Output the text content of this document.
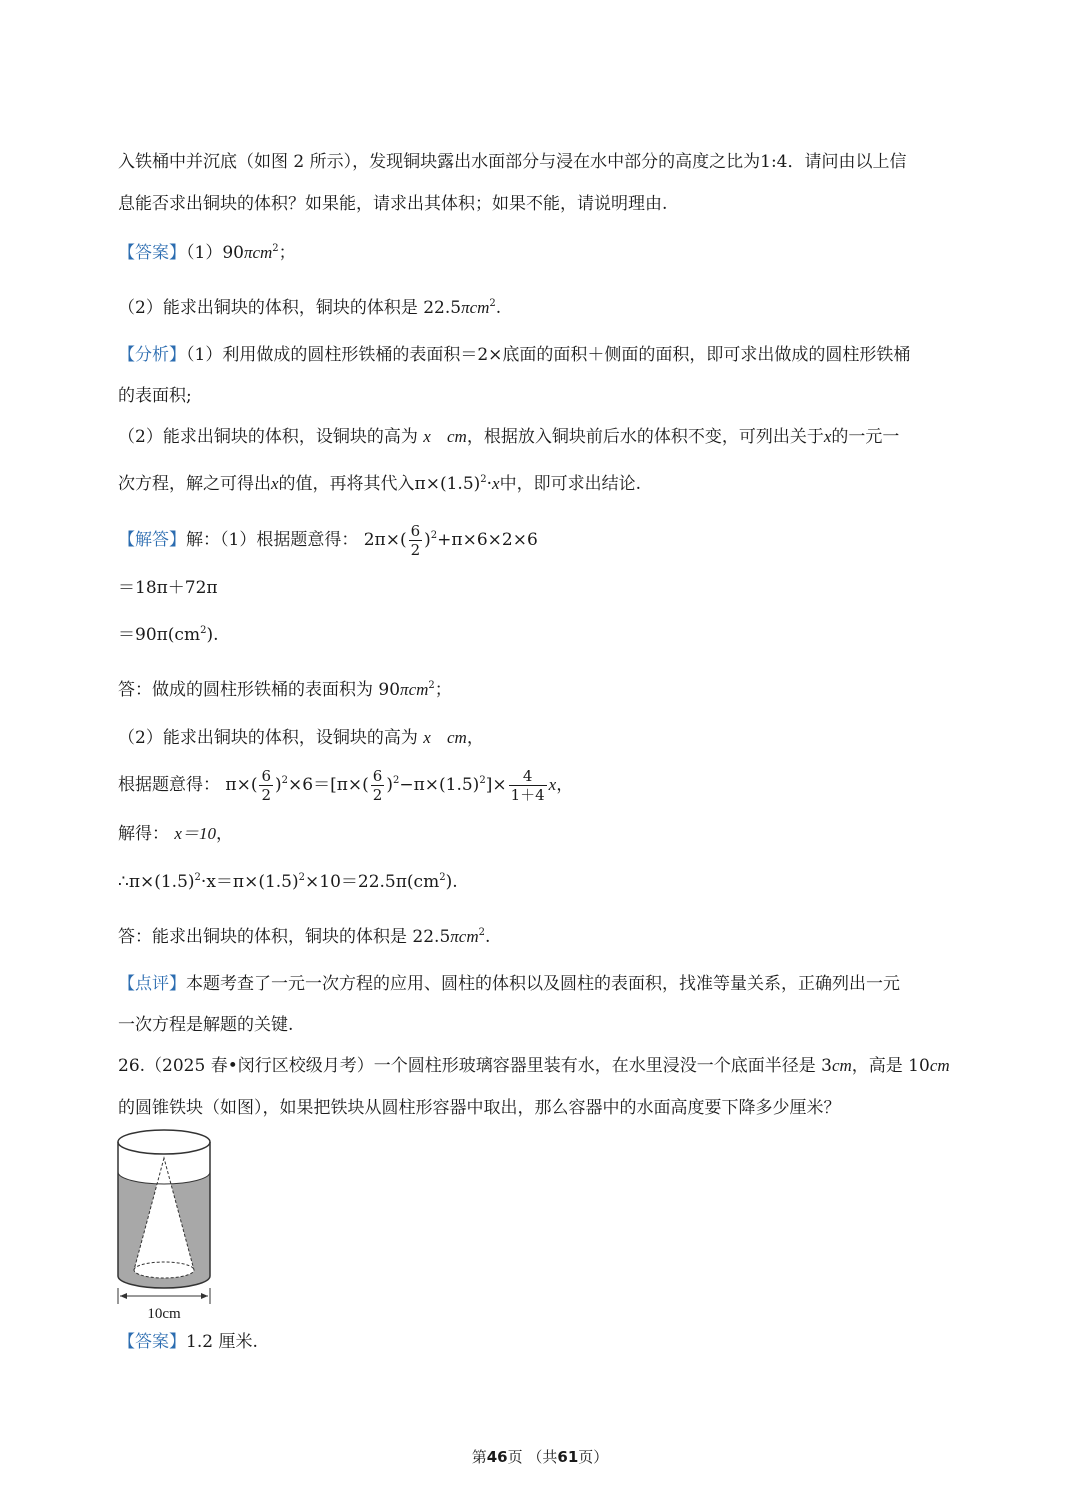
入铁桶中并沉底（如图 2 所示），发现铜块露出水面部分与浸在水中部分的高度之比为1:4．请问由以上信
息能否求出铜块的体积？如果能，请求出其体积；如果不能，请说明理由.
【答案】（1）90πcm$^2$；
（2）能求出铜块的体积，铜块的体积是 22.5πcm$^2$.
【分析】（1）利用做成的圆柱形铁桶的表面积＝2×底面的面积＋侧面的面积，即可求出做成的圆柱形铁桶
的表面积;
（2）能求出铜块的体积，设铜块的高为 x cm，根据放入铜块前后水的体积不变，可列出关于x的一元一
次方程，解之可得出x的值，再将其代入$\pi\times(1.5)^2\cdot x$中，即可求出结论.
【解答】解：（1）根据题意得： $2\pi\times( \frac{6}{2} )^2+\pi\times 6\times 2\times 6$
＝18π＋72π
$=90\pi(cm^2)$.
答：做成的圆柱形铁桶的表面积为 90πcm$^2$；
（2）能求出铜块的体积，设铜块的高为 x cm，
根据题意得： $\pi\times( \frac{6}{2} )^2\times 6=[\pi\times( \frac{6}{2} )^2-\pi\times(1.5)^2]\times \frac{4}{1+4}$ x，
解得： x＝10，
$\therefore\pi\times(1.5)^2\cdot x=\pi\times(1.5)^2\times 10=22.5\pi(cm^2)$.
答：能求出铜块的体积，铜块的体积是 22.5πcm$^2$.
【点评】本题考查了一元一次方程的应用、圆柱的体积以及圆柱的表面积，找准等量关系，正确列出一元
一次方程是解题的关键.
26.（2025 春•闵行区校级月考）一个圆柱形玻璃容器里装有水，在水里浸没一个底面半径是 3cm，高是 10cm
的圆锥铁块（如图），如果把铁块从圆柱形容器中取出，那么容器中的水面高度要下降多少厘米？
10cm
【答案】1.2 厘米.
第46页 （共61页）
